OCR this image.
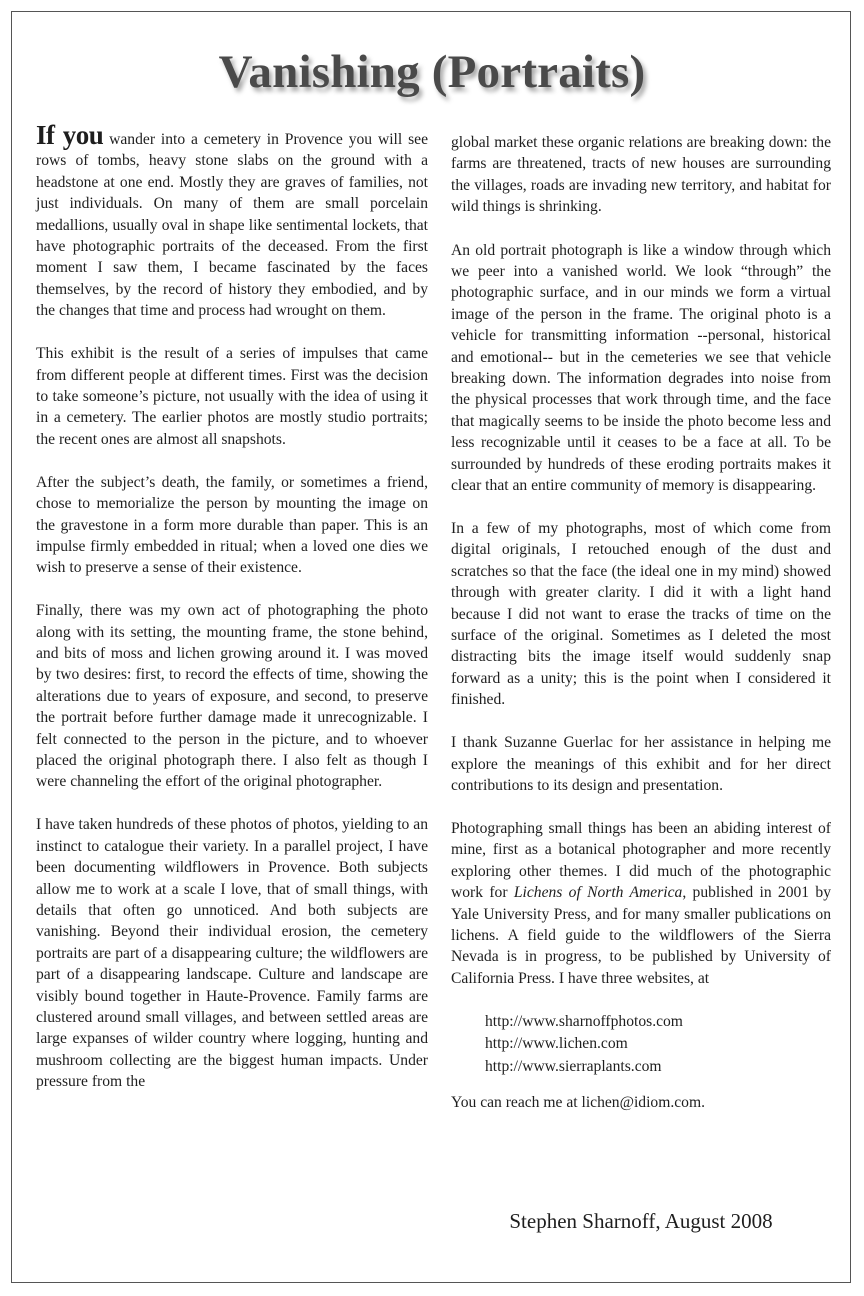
Vanishing (Portraits)

If you wander into a cemetery in Provence you will see rows of tombs, heavy stone slabs on the ground with a headstone at one end. Mostly they are graves of families, not just individuals. On many of them are small porcelain medallions, usually oval in shape like sentimental lockets, that have photographic portraits of the deceased. From the first moment I saw them, I became fascinated by the faces themselves, by the record of history they embodied, and by the changes that time and process had wrought on them.

This exhibit is the result of a series of impulses that came from different people at different times. First was the decision to take someone’s picture, not usually with the idea of using it in a cemetery. The earlier photos are mostly studio portraits; the recent ones are almost all snapshots.

After the subject’s death, the family, or sometimes a friend, chose to memorialize the person by mounting the image on the gravestone in a form more durable than paper. This is an impulse firmly embedded in ritual; when a loved one dies we wish to preserve a sense of their existence.

Finally, there was my own act of photographing the photo along with its setting, the mounting frame, the stone behind, and bits of moss and lichen growing around it. I was moved by two desires: first, to record the effects of time, showing the alterations due to years of exposure, and second, to preserve the portrait before further damage made it unrecognizable. I felt connected to the person in the picture, and to whoever placed the original photograph there. I also felt as though I were channeling the effort of the original photographer.

I have taken hundreds of these photos of photos, yielding to an instinct to catalogue their variety. In a parallel project, I have been documenting wildflowers in Provence. Both subjects allow me to work at a scale I love, that of small things, with details that often go unnoticed. And both subjects are vanishing. Beyond their individual erosion, the cemetery portraits are part of a disappearing culture; the wildflowers are part of a disappearing landscape. Culture and landscape are visibly bound together in Haute-Provence. Family farms are clustered around small villages, and between settled areas are large expanses of wilder country where logging, hunting and mushroom collecting are the biggest human impacts. Under pressure from the

global market these organic relations are breaking down: the farms are threatened, tracts of new houses are surrounding the villages, roads are invading new territory, and habitat for wild things is shrinking.

An old portrait photograph is like a window through which we peer into a vanished world. We look “through” the photographic surface, and in our minds we form a virtual image of the person in the frame. The original photo is a vehicle for transmitting information --personal, historical and emotional-- but in the cemeteries we see that vehicle breaking down. The information degrades into noise from the physical processes that work through time, and the face that magically seems to be inside the photo become less and less recognizable until it ceases to be a face at all. To be surrounded by hundreds of these eroding portraits makes it clear that an entire community of memory is disappearing.

In a few of my photographs, most of which come from digital originals, I retouched enough of the dust and scratches so that the face (the ideal one in my mind) showed through with greater clarity. I did it with a light hand because I did not want to erase the tracks of time on the surface of the original. Sometimes as I deleted the most distracting bits the image itself would suddenly snap forward as a unity; this is the point when I considered it finished.

I thank Suzanne Guerlac for her assistance in helping me explore the meanings of this exhibit and for her direct contributions to its design and presentation.

Photographing small things has been an abiding interest of mine, first as a botanical photographer and more recently exploring other themes. I did much of the photographic work for Lichens of North America, published in 2001 by Yale University Press, and for many smaller publications on lichens. A field guide to the wildflowers of the Sierra Nevada is in progress, to be published by University of California Press. I have three websites, at

http://www.sharnoffphotos.com
http://www.lichen.com
http://www.sierraplants.com

You can reach me at lichen@idiom.com.

Stephen Sharnoff, August 2008
